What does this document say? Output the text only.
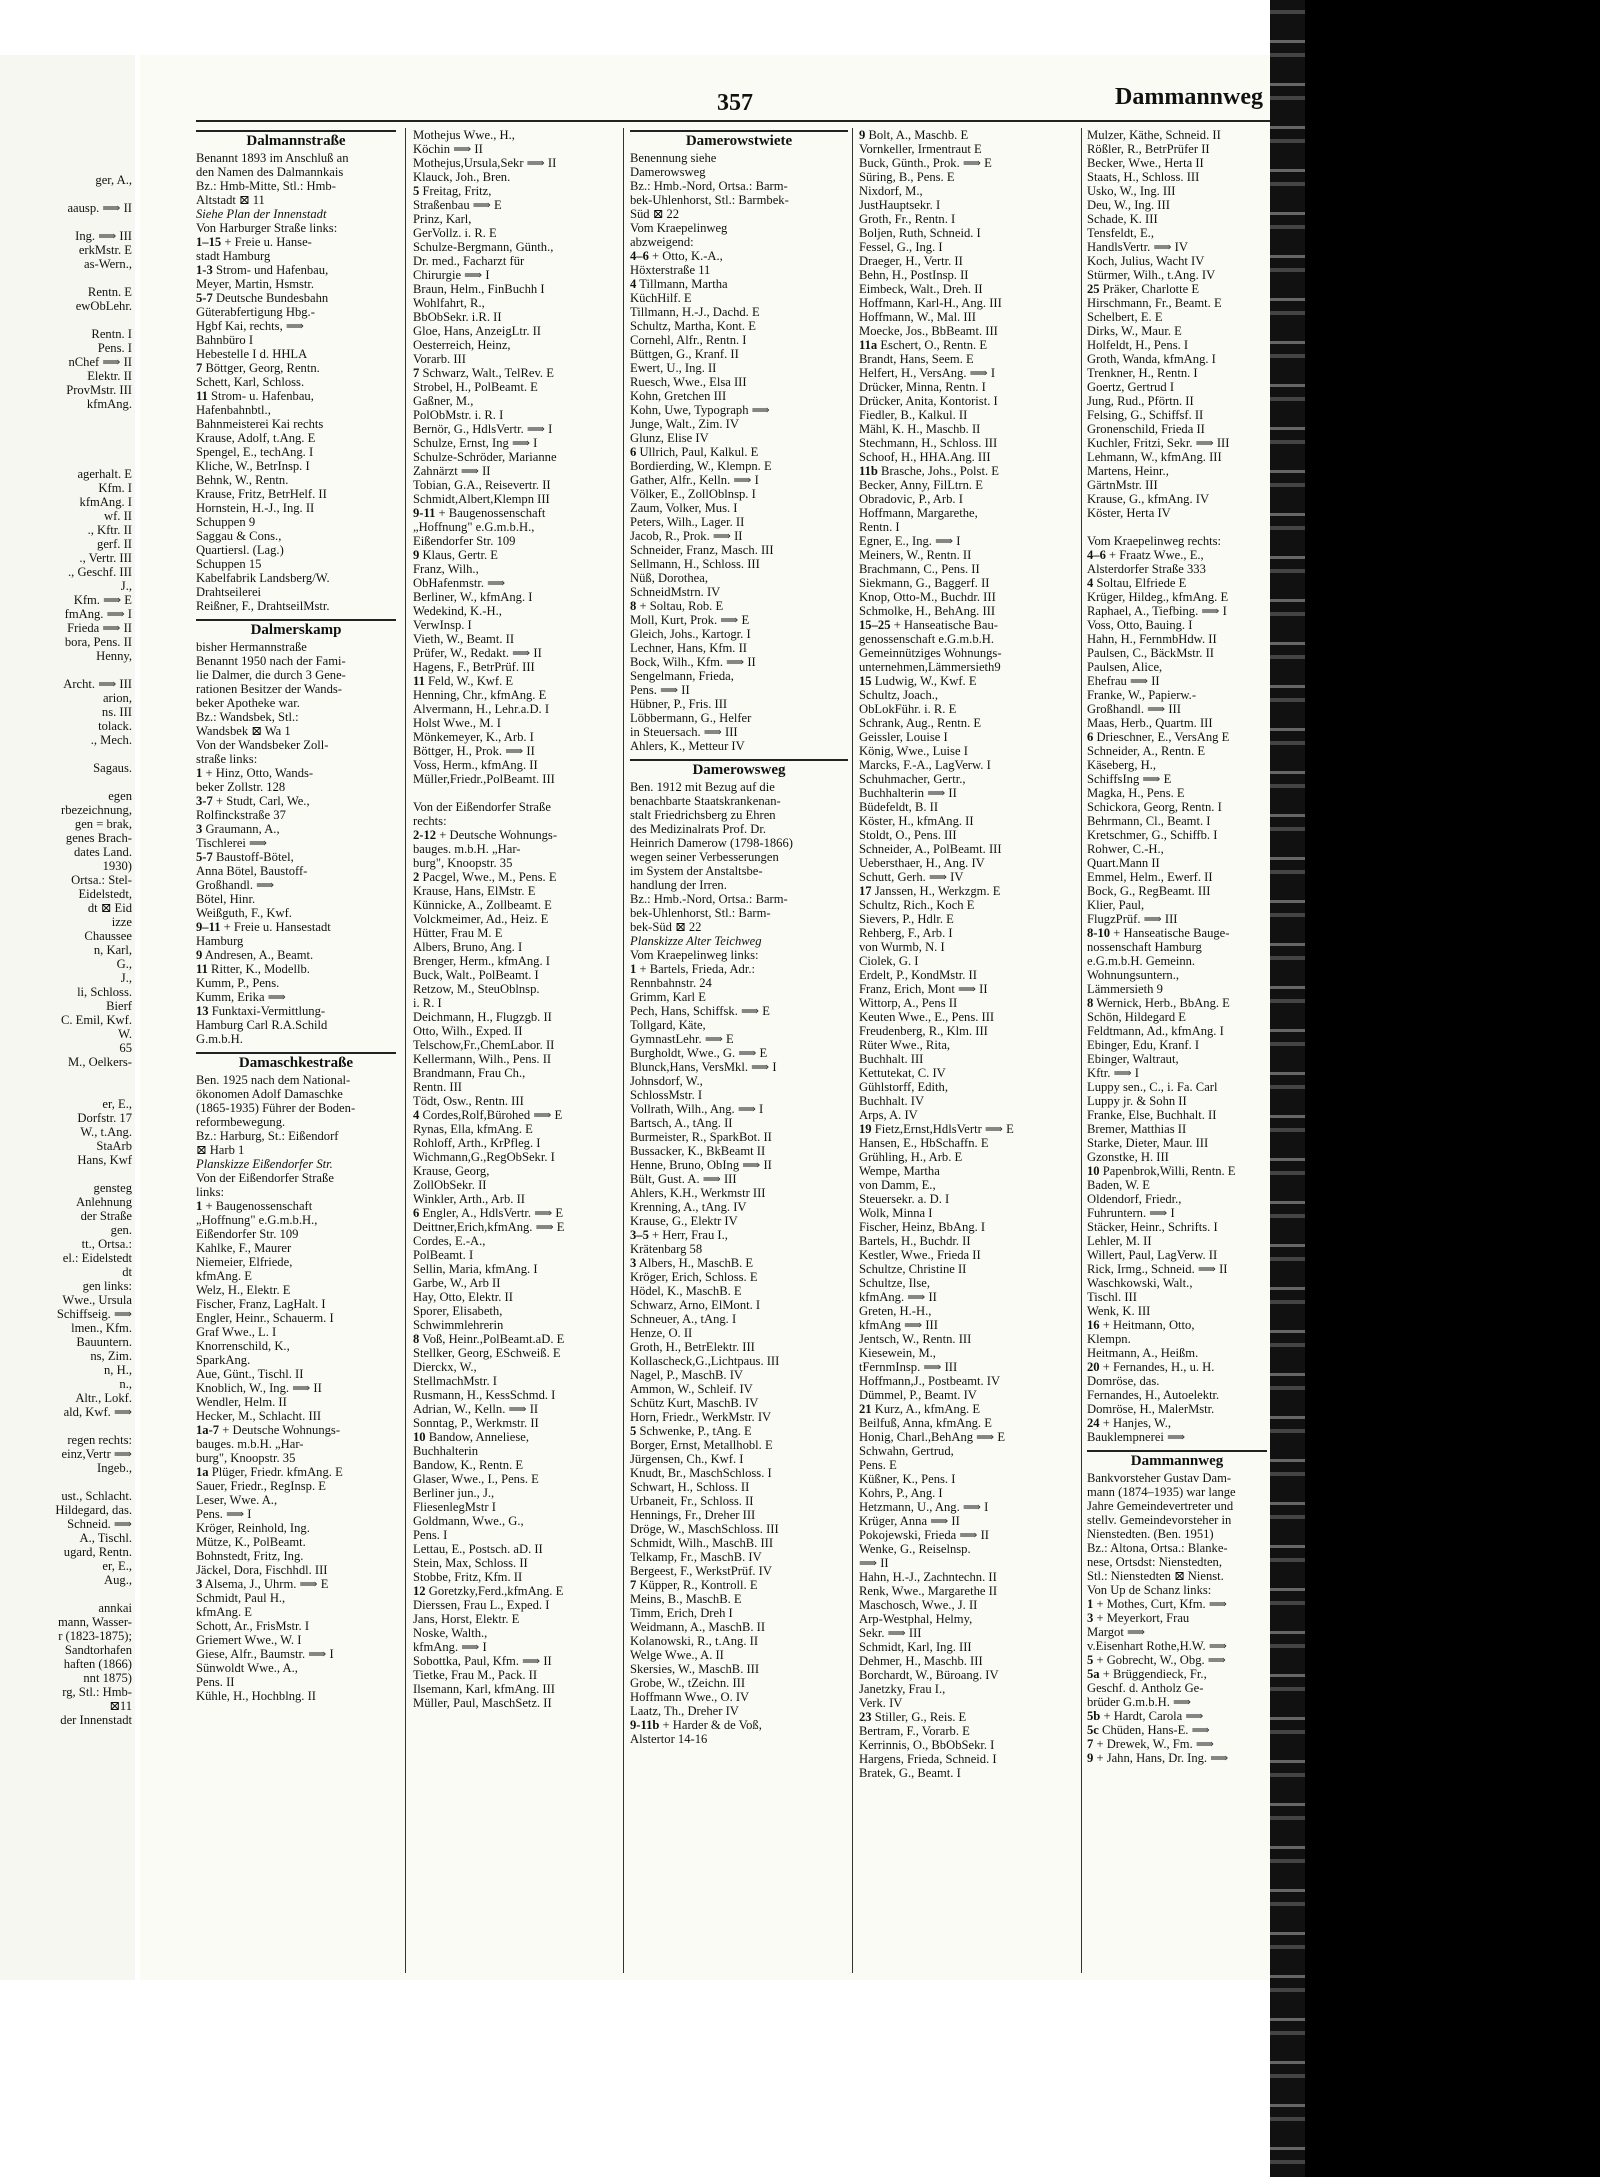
ger, A.,

aausp. ⟹ II

Ing. ⟹ III
erkMstr. E
as-Wern.,

Rentn. E
ewObLehr.

Rentn. I
Pens. I
nChef ⟹ II
Elektr. II
ProvMstr. III
kfmAng.

agerhalt. E
Kfm. I
kfmAng. I
wf. II
., Kftr. II
gerf. II
., Vertr. III
., Geschf. III
J.,
Kfm. ⟹ E
fmAng. ⟹ I
Frieda ⟹ II
bora, Pens. II
Henny,

Archt. ⟹ III
arion,
ns. III
tolack.
., Mech.

Sagaus.

egen
rbezeichnung,
gen = brak,
genes Brach-
dates Land.
1930)
Ortsa.: Stel-
Eidelstedt,
dt ⊠ Eid
izze
Chaussee
n, Karl,
G.,
J.,
li, Schloss.
Bierf
C. Emil, Kwf.
W.
65
M., Oelkers-

er, E.,
Dorfstr. 17
W., t.Ang.
StaArb
Hans, Kwf

gensteg
Anlehnung
der Straße
gen.
tt., Ortsa.:
el.: Eidelstedt
dt
gen links:
Wwe., Ursula
Schiffseig. ⟹
lmen., Kfm.
Bauuntern.
ns, Zim.
n, H.,
n.,
Altr., Lokf.
ald, Kwf. ⟹

regen rechts:
einz,Vertr ⟹
Ingeb.,

ust., Schlacht.
Hildegard, das.
Schneid. ⟹
A., Tischl.
ugard, Rentn.
er, E.,
Aug.,

annkai
mann, Wasser-
r (1823-1875);
Sandtorhafen
haften (1866)
nnt 1875)
rg, Stl.: Hmb-
⊠11
der Innenstadt
357	Dammannweg
Dalmannstraße
Benannt 1893 im Anschluß an
den Namen des Dalmannkais
Bz.: Hmb-Mitte, Stl.: Hmb-
Altstadt ⊠ 11
Siehe Plan der Innenstadt
Von Harburger Straße links:
1–15 + Freie u. Hanse-
stadt Hamburg
1-3 Strom- und Hafenbau,
Meyer, Martin, Hsmstr.
5-7 Deutsche Bundesbahn
Güterabfertigung Hbg.-
Hgbf Kai, rechts, ⟹
Bahnbüro I
Hebestelle I d. HHLA
7 Böttger, Georg, Rentn.
Schett, Karl, Schloss.
11 Strom- u. Hafenbau,
Hafenbahnbtl.,
Bahnmeisterei Kai rechts
Krause, Adolf, t.Ang. E
Spengel, E., techAng. I
Kliche, W., BetrInsp. I
Behnk, W., Rentn.
Krause, Fritz, BetrHelf. II
Hornstein, H.-J., Ing. II
Schuppen 9
Saggau & Cons.,
Quartiersl. (Lag.)
Schuppen 15
Kabelfabrik Landsberg/W.
Drahtseilerei
Reißner, F., DrahtseilMstr.
Dalmerskamp
bisher Hermannstraße
Benannt 1950 nach der Fami-
lie Dalmer, die durch 3 Gene-
rationen Besitzer der Wands-
beker Apotheke war.
Bz.: Wandsbek, Stl.:
Wandsbek ⊠ Wa 1
Von der Wandsbeker Zoll-
straße links:
1 + Hinz, Otto, Wands-
beker Zollstr. 128
3-7 + Studt, Carl, We.,
Rolfinckstraße 37
3 Graumann, A.,
Tischlerei ⟹
5-7 Baustoff-Bötel,
Anna Bötel, Baustoff-
Großhandl. ⟹
Bötel, Hinr.
Weißguth, F., Kwf.
9–11 + Freie u. Hansestadt
Hamburg
9 Andresen, A., Beamt.
11 Ritter, K., Modellb.
Kumm, P., Pens.
Kumm, Erika ⟹
13 Funktaxi-Vermittlung-
Hamburg Carl R.A.Schild
G.m.b.H.
Damaschkestraße
Ben. 1925 nach dem National-
ökonomen Adolf Damaschke
(1865-1935) Führer der Boden-
reformbewegung.
Bz.: Harburg, St.: Eißendorf
⊠ Harb 1
Planskizze Eißendorfer Str.
Von der Eißendorfer Straße
links:
1 + Baugenossenschaft
„Hoffnung" e.G.m.b.H.,
Eißendorfer Str. 109
Kahlke, F., Maurer
Niemeier, Elfriede,
kfmAng. E
Welz, H., Elektr. E
Fischer, Franz, LagHalt. I
Engler, Heinr., Schauerm. I
Graf Wwe., L. I
Knorrenschild, K.,
SparkAng.
Aue, Günt., Tischl. II
Knoblich, W., Ing. ⟹ II
Wendler, Helm. II
Hecker, M., Schlacht. III
1a-7 + Deutsche Wohnungs-
bauges. m.b.H. „Har-
burg", Knoopstr. 35
1a Plüger, Friedr. kfmAng. E
Sauer, Friedr., RegInsp. E
Leser, Wwe. A.,
Pens. ⟹ I
Kröger, Reinhold, Ing.
Mütze, K., PolBeamt.
Bohnstedt, Fritz, Ing.
Jäckel, Dora, Fischhdl. III
3 Alsema, J., Uhrm. ⟹ E
Schmidt, Paul H.,
kfmAng. E
Schott, Ar., FrisMstr. I
Griemert Wwe., W. I
Giese, Alfr., Baumstr. ⟹ I
Sünwoldt Wwe., A.,
Pens. II
Kühle, H., Hochblng. II
Mothejus Wwe., H.,
Köchin ⟹ II
Mothejus,Ursula,Sekr ⟹ II
Klauck, Joh., Bren.
5 Freitag, Fritz,
Straßenbau ⟹ E
Prinz, Karl,
GerVollz. i. R. E
Schulze-Bergmann, Günth.,
Dr. med., Facharzt für
Chirurgie ⟹ I
Braun, Helm., FinBuchh I
Wohlfahrt, R.,
BbObSekr. i.R. II
Gloe, Hans, AnzeigLtr. II
Oesterreich, Heinz,
Vorarb. III
7 Schwarz, Walt., TelRev. E
Strobel, H., PolBeamt. E
Gaßner, M.,
PolObMstr. i. R. I
Bernör, G., HdlsVertr. ⟹ I
Schulze, Ernst, Ing ⟹ I
Schulze-Schröder, Marianne
Zahnärzt ⟹ II
Tobian, G.A., Reisevertr. II
Schmidt,Albert,Klempn III
9-11 + Baugenossenschaft
„Hoffnung" e.G.m.b.H.,
Eißendorfer Str. 109
9 Klaus, Gertr. E
Franz, Wilh.,
ObHafenmstr. ⟹
Berliner, W., kfmAng. I
Wedekind, K.-H.,
VerwInsp. I
Vieth, W., Beamt. II
Prüfer, W., Redakt. ⟹ II
Hagens, F., BetrPrüf. III
11 Feld, W., Kwf. E
Henning, Chr., kfmAng. E
Alvermann, H., Lehr.a.D. I
Holst Wwe., M. I
Mönkemeyer, K., Arb. I
Böttger, H., Prok. ⟹ II
Voss, Herm., kfmAng. II
Müller,Friedr.,PolBeamt. III

Von der Eißendorfer Straße
rechts:
2-12 + Deutsche Wohnungs-
bauges. m.b.H. „Har-
burg", Knoopstr. 35
2 Pacgel, Wwe., M., Pens. E
Krause, Hans, ElMstr. E
Künnicke, A., Zollbeamt. E
Volckmeimer, Ad., Heiz. E
Hütter, Frau M. E
Albers, Bruno, Ang. I
Brenger, Herm., kfmAng. I
Buck, Walt., PolBeamt. I
Retzow, M., SteuOblnsp.
i. R. I
Deichmann, H., Flugzgb. II
Otto, Wilh., Exped. II
Telschow,Fr.,ChemLabor. II
Kellermann, Wilh., Pens. II
Brandmann, Frau Ch.,
Rentn. III
Tödt, Osw., Rentn. III
4 Cordes,Rolf,Bürohed ⟹ E
Rynas, Ella, kfmAng. E
Rohloff, Arth., KrPfleg. I
Wichmann,G.,RegObSekr. I
Krause, Georg,
ZollObSekr. II
Winkler, Arth., Arb. II
6 Engler, A., HdlsVertr. ⟹ E
Deittner,Erich,kfmAng. ⟹ E
Cordes, E.-A.,
PolBeamt. I
Sellin, Maria, kfmAng. I
Garbe, W., Arb II
Hay, Otto, Elektr. II
Sporer, Elisabeth,
Schwimmlehrerin
8 Voß, Heinr.,PolBeamt.aD. E
Stellker, Georg, ESchweiß. E
Dierckx, W.,
StellmachMstr. I
Rusmann, H., KessSchmd. I
Adrian, W., Kelln. ⟹ II
Sonntag, P., Werkmstr. II
10 Bandow, Anneliese,
Buchhalterin
Bandow, K., Rentn. E
Glaser, Wwe., I., Pens. E
Berliner jun., J.,
FliesenlegMstr I
Goldmann, Wwe., G.,
Pens. I
Lettau, E., Postsch. aD. II
Stein, Max, Schloss. II
Stobbe, Fritz, Kfm. II
12 Goretzky,Ferd.,kfmAng. E
Dierssen, Frau L., Exped. I
Jans, Horst, Elektr. E
Noske, Walth.,
kfmAng. ⟹ I
Sobottka, Paul, Kfm. ⟹ II
Tietke, Frau M., Pack. II
Ilsemann, Karl, kfmAng. III
Müller, Paul, MaschSetz. II
Damerowstwiete
Benennung siehe
Damerowsweg
Bz.: Hmb.-Nord, Ortsa.: Barm-
bek-Uhlenhorst, Stl.: Barmbek-
Süd ⊠ 22
Vom Kraepelinweg
abzweigend:
4–6 + Otto, K.-A.,
Höxterstraße 11
4 Tillmann, Martha
KüchHilf. E
Tillmann, H.-J., Dachd. E
Schultz, Martha, Kont. E
Cornehl, Alfr., Rentn. I
Büttgen, G., Kranf. II
Ewert, U., Ing. II
Ruesch, Wwe., Elsa III
Kohn, Gretchen III
Kohn, Uwe, Typograph ⟹
Junge, Walt., Zim. IV
Glunz, Elise IV
6 Ullrich, Paul, Kalkul. E
Bordierding, W., Klempn. E
Gather, Alfr., Kelln. ⟹ I
Völker, E., ZollOblnsp. I
Zaum, Volker, Mus. I
Peters, Wilh., Lager. II
Jacob, R., Prok. ⟹ II
Schneider, Franz, Masch. III
Sellmann, H., Schloss. III
Nüß, Dorothea,
SchneidMstrn. IV
8 + Soltau, Rob. E
Moll, Kurt, Prok. ⟹ E
Gleich, Johs., Kartogr. I
Lechner, Hans, Kfm. II
Bock, Wilh., Kfm. ⟹ II
Sengelmann, Frieda,
Pens. ⟹ II
Hübner, P., Fris. III
Löbbermann, G., Helfer
in Steuersach. ⟹ III
Ahlers, K., Metteur IV
Damerowsweg
Ben. 1912 mit Bezug auf die
benachbarte Staatskrankenan-
stalt Friedrichsberg zu Ehren
des Medizinalrats Prof. Dr.
Heinrich Damerow (1798-1866)
wegen seiner Verbesserungen
im System der Anstaltsbe-
handlung der Irren.
Bz.: Hmb.-Nord, Ortsa.: Barm-
bek-Uhlenhorst, Stl.: Barm-
bek-Süd ⊠ 22
Planskizze Alter Teichweg
Vom Kraepelinweg links:
1 + Bartels, Frieda, Adr.:
Rennbahnstr. 24
Grimm, Karl E
Pech, Hans, Schiffsk. ⟹ E
Tollgard, Käte,
GymnastLehr. ⟹ E
Burgholdt, Wwe., G. ⟹ E
Blunck,Hans, VersMkl. ⟹ I
Johnsdorf, W.,
SchlossMstr. I
Vollrath, Wilh., Ang. ⟹ I
Bartsch, A., tAng. II
Burmeister, R., SparkBot. II
Bussacker, K., BkBeamt II
Henne, Bruno, ObIng ⟹ II
Bült, Gust. A. ⟹ III
Ahlers, K.H., Werkmstr III
Krenning, A., tAng. IV
Krause, G., Elektr IV
3–5 + Herr, Frau I.,
Krätenbarg 58
3 Albers, H., MaschB. E
Kröger, Erich, Schloss. E
Hödel, K., MaschB. E
Schwarz, Arno, ElMont. I
Schneuer, A., tAng. I
Henze, O. II
Groth, H., BetrElektr. III
Kollascheck,G.,Lichtpaus. III
Nagel, P., MaschB. IV
Ammon, W., Schleif. IV
Schütz Kurt, MaschB. IV
Horn, Friedr., WerkMstr. IV
5 Schwenke, P., tAng. E
Borger, Ernst, Metallhobl. E
Jürgensen, Ch., Kwf. I
Knudt, Br., MaschSchloss. I
Schwart, H., Schloss. II
Urbaneit, Fr., Schloss. II
Hennings, Fr., Dreher III
Dröge, W., MaschSchloss. III
Schmidt, Wilh., MaschB. III
Telkamp, Fr., MaschB. IV
Bergeest, F., WerkstPrüf. IV
7 Küpper, R., Kontroll. E
Meins, B., MaschB. E
Timm, Erich, Dreh I
Weidmann, A., MaschB. II
Kolanowski, R., t.Ang. II
Welge Wwe., A. II
Skersies, W., MaschB. III
Grobe, W., tZeichn. III
Hoffmann Wwe., O. IV
Laatz, Th., Dreher IV
9-11b + Harder & de Voß,
Alstertor 14-16
9 Bolt, A., Maschb. E
Vornkeller, Irmentraut E
Buck, Günth., Prok. ⟹ E
Süring, B., Pens. E
Nixdorf, M.,
JustHauptsekr. I
Groth, Fr., Rentn. I
Boljen, Ruth, Schneid. I
Fessel, G., Ing. I
Draeger, H., Vertr. II
Behn, H., PostInsp. II
Eimbeck, Walt., Dreh. II
Hoffmann, Karl-H., Ang. III
Hoffmann, W., Mal. III
Moecke, Jos., BbBeamt. III
11a Eschert, O., Rentn. E
Brandt, Hans, Seem. E
Helfert, H., VersAng. ⟹ I
Drücker, Minna, Rentn. I
Drücker, Anita, Kontorist. I
Fiedler, B., Kalkul. II
Mähl, K. H., Maschb. II
Stechmann, H., Schloss. III
Schoof, H., HHA.Ang. III
11b Brasche, Johs., Polst. E
Becker, Anny, FilLtrn. E
Obradovic, P., Arb. I
Hoffmann, Margarethe,
Rentn. I
Egner, E., Ing. ⟹ I
Meiners, W., Rentn. II
Brachmann, C., Pens. II
Siekmann, G., Baggerf. II
Knop, Otto-M., Buchdr. III
Schmolke, H., BehAng. III
15–25 + Hanseatische Bau-
genossenschaft e.G.m.b.H.
Gemeinnütziges Wohnungs-
unternehmen,Lämmersieth9
15 Ludwig, W., Kwf. E
Schultz, Joach.,
ObLokFühr. i. R. E
Schrank, Aug., Rentn. E
Geissler, Louise I
König, Wwe., Luise I
Marcks, F.-A., LagVerw. I
Schuhmacher, Gertr.,
Buchhalterin ⟹ II
Büdefeldt, B. II
Köster, H., kfmAng. II
Stoldt, O., Pens. III
Schneider, A., PolBeamt. III
Uebersthaer, H., Ang. IV
Schutt, Gerh. ⟹ IV
17 Janssen, H., Werkzgm. E
Schultz, Rich., Koch E
Sievers, P., Hdlr. E
Rehberg, F., Arb. I
von Wurmb, N. I
Ciolek, G. I
Erdelt, P., KondMstr. II
Franz, Erich, Mont ⟹ II
Wittorp, A., Pens II
Keuten Wwe., E., Pens. III
Freudenberg, R., Klm. III
Rüter Wwe., Rita,
Buchhalt. III
Kettutekat, C. IV
Gühlstorff, Edith,
Buchhalt. IV
Arps, A. IV
19 Fietz,Ernst,HdlsVertr ⟹ E
Hansen, E., HbSchaffn. E
Grühling, H., Arb. E
Wempe, Martha
von Damm, E.,
Steuersekr. a. D. I
Wolk, Minna I
Fischer, Heinz, BbAng. I
Bartels, H., Buchdr. II
Kestler, Wwe., Frieda II
Schultze, Christine II
Schultze, Ilse,
kfmAng. ⟹ II
Greten, H.-H.,
kfmAng ⟹ III
Jentsch, W., Rentn. III
Kiesewein, M.,
tFernmInsp. ⟹ III
Hoffmann,J., Postbeamt. IV
Dümmel, P., Beamt. IV
21 Kurz, A., kfmAng. E
Beilfuß, Anna, kfmAng. E
Honig, Charl.,BehAng ⟹ E
Schwahn, Gertrud,
Pens. E
Küßner, K., Pens. I
Kohrs, P., Ang. I
Hetzmann, U., Ang. ⟹ I
Krüger, Anna ⟹ II
Pokojewski, Frieda ⟹ II
Wenke, G., Reiselnsp.
⟹ II
Hahn, H.-J., Zachntechn. II
Renk, Wwe., Margarethe II
Maschosch, Wwe., J. II
Arp-Westphal, Helmy,
Sekr. ⟹ III
Schmidt, Karl, Ing. III
Dehmer, H., Maschb. III
Borchardt, W., Büroang. IV
Janetzky, Frau I.,
Verk. IV
23 Stiller, G., Reis. E
Bertram, F., Vorarb. E
Kerrinnis, O., BbObSekr. I
Hargens, Frieda, Schneid. I
Bratek, G., Beamt. I
Mulzer, Käthe, Schneid. II
Rößler, R., BetrPrüfer II
Becker, Wwe., Herta II
Staats, H., Schloss. III
Usko, W., Ing. III
Deu, W., Ing. III
Schade, K. III
Tensfeldt, E.,
HandlsVertr. ⟹ IV
Koch, Julius, Wacht IV
Stürmer, Wilh., t.Ang. IV
25 Präker, Charlotte E
Hirschmann, Fr., Beamt. E
Schelbert, E. E
Dirks, W., Maur. E
Holfeldt, H., Pens. I
Groth, Wanda, kfmAng. I
Trenkner, H., Rentn. I
Goertz, Gertrud I
Jung, Rud., Pförtn. II
Felsing, G., Schiffsf. II
Gronenschild, Frieda II
Kuchler, Fritzi, Sekr. ⟹ III
Lehmann, W., kfmAng. III
Martens, Heinr.,
GärtnMstr. III
Krause, G., kfmAng. IV
Köster, Herta IV

Vom Kraepelinweg rechts:
4–6 + Fraatz Wwe., E.,
Alsterdorfer Straße 333
4 Soltau, Elfriede E
Krüger, Hildeg., kfmAng. E
Raphael, A., Tiefbing. ⟹ I
Voss, Otto, Bauing. I
Hahn, H., FernmbHdw. II
Paulsen, C., BäckMstr. II
Paulsen, Alice,
Ehefrau ⟹ II
Franke, W., Papierw.-
Großhandl. ⟹ III
Maas, Herb., Quartm. III
6 Drieschner, E., VersAng E
Schneider, A., Rentn. E
Käseberg, H.,
SchiffsIng ⟹ E
Magka, H., Pens. E
Schickora, Georg, Rentn. I
Behrmann, Cl., Beamt. I
Kretschmer, G., Schiffb. I
Rohwer, C.-H.,
Quart.Mann II
Emmel, Helm., Ewerf. II
Bock, G., RegBeamt. III
Klier, Paul,
FlugzPrüf. ⟹ III
8-10 + Hanseatische Bauge-
nossenschaft Hamburg
e.G.m.b.H. Gemeinn.
Wohnungsuntern.,
Lämmersieth 9
8 Wernick, Herb., BbAng. E
Schön, Hildegard E
Feldtmann, Ad., kfmAng. I
Ebinger, Edu, Kranf. I
Ebinger, Waltraut,
Kftr. ⟹ I
Luppy sen., C., i. Fa. Carl
Luppy jr. & Sohn II
Franke, Else, Buchhalt. II
Bremer, Matthias II
Starke, Dieter, Maur. III
Gzonstke, H. III
10 Papenbrok,Willi, Rentn. E
Baden, W. E
Oldendorf, Friedr.,
Fuhruntern. ⟹ I
Stäcker, Heinr., Schrifts. I
Lehler, M. II
Willert, Paul, LagVerw. II
Rick, Irmg., Schneid. ⟹ II
Waschkowski, Walt.,
Tischl. III
Wenk, K. III
16 + Heitmann, Otto,
Klempn.
Heitmann, A., Heißm.
20 + Fernandes, H., u. H.
Domröse, das.
Fernandes, H., Autoelektr.
Domröse, H., MalerMstr.
24 + Hanjes, W.,
Bauklempnerei ⟹
Dammannweg
Bankvorsteher Gustav Dam-
mann (1874–1935) war lange
Jahre Gemeindevertreter und
stellv. Gemeindevorsteher in
Nienstedten. (Ben. 1951)
Bz.: Altona, Ortsa.: Blanke-
nese, Ortsdst: Nienstedten,
Stl.: Nienstedten ⊠ Nienst.
Von Up de Schanz links:
1 + Mothes, Curt, Kfm. ⟹
3 + Meyerkort, Frau
Margot ⟹
v.Eisenhart Rothe,H.W. ⟹
5 + Gobrecht, W., Obg. ⟹
5a + Brüggendieck, Fr.,
Geschf. d. Antholz Ge-
brüder G.m.b.H. ⟹
5b + Hardt, Carola ⟹
5c Chüden, Hans-E. ⟹
7 + Drewek, W., Fm. ⟹
9 + Jahn, Hans, Dr. Ing. ⟹
